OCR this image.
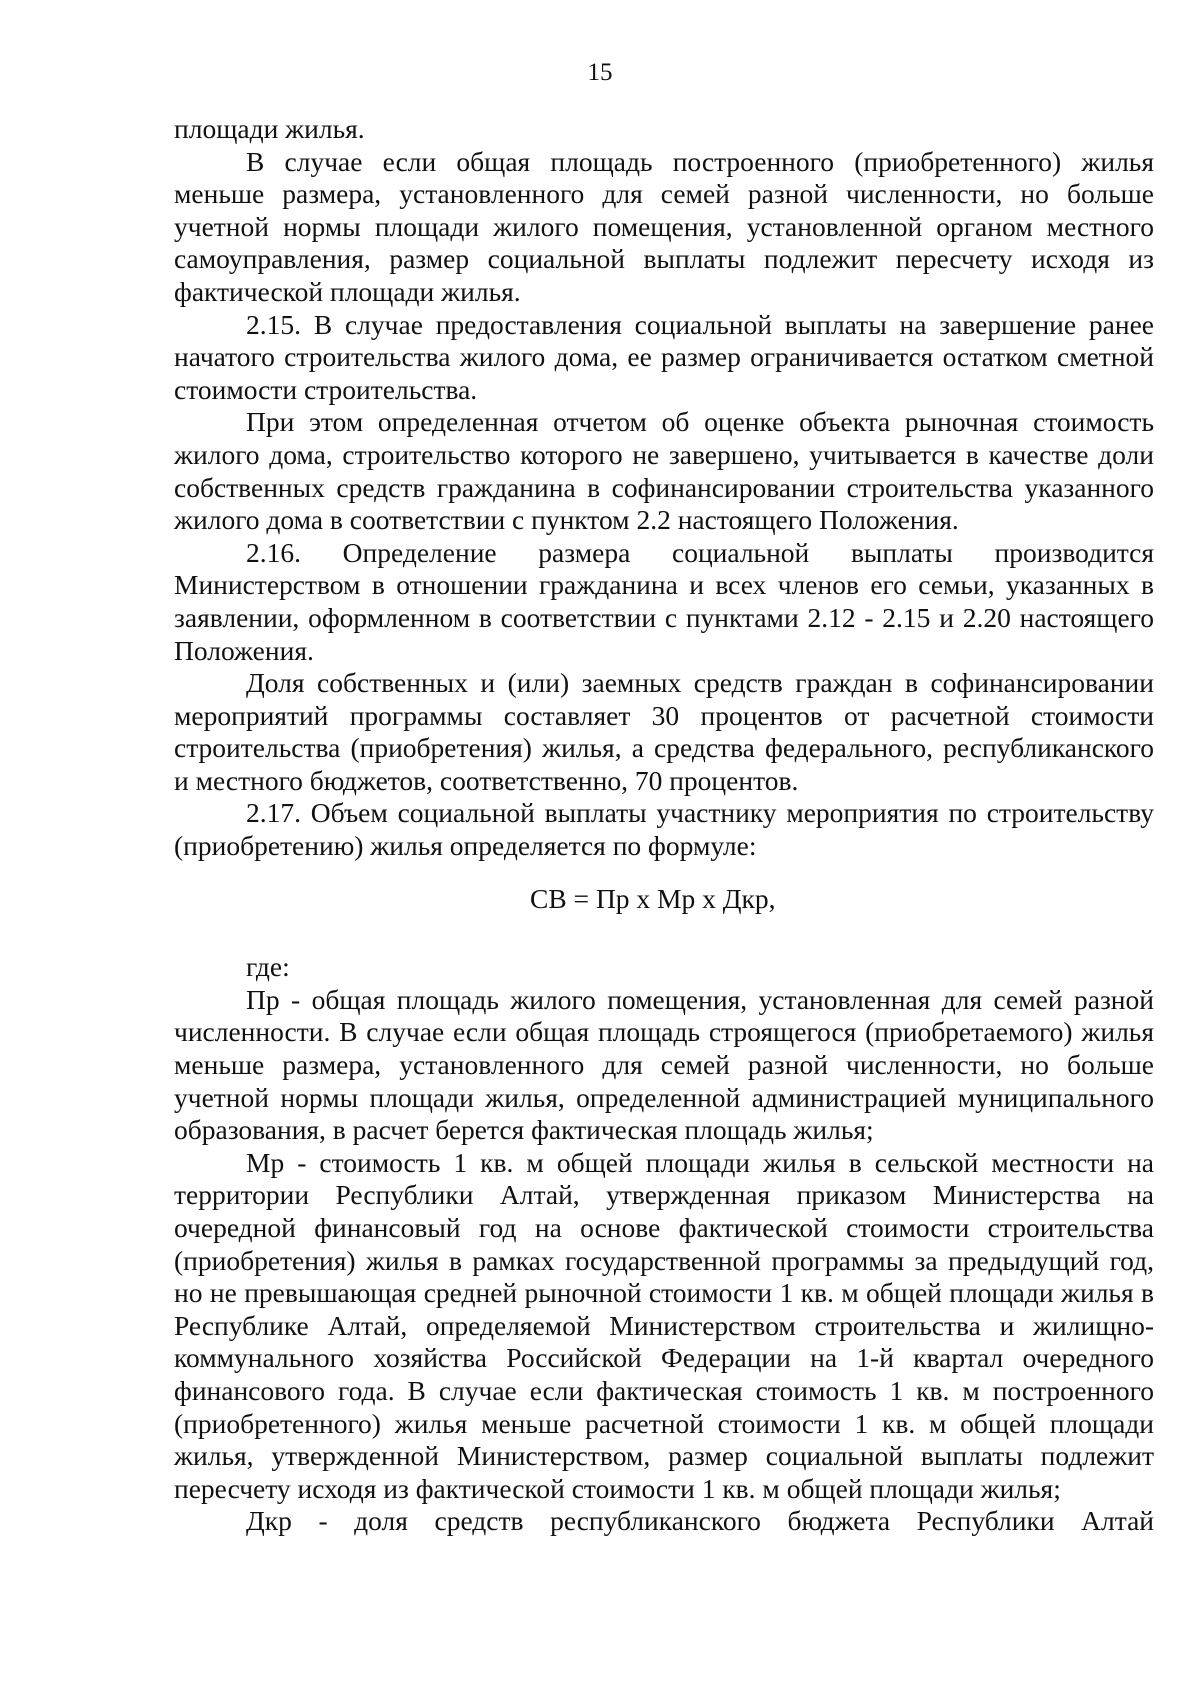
15

площади жилья.

В случае если общая площадь построенного (приобретенного) жилья меньше размера, установленного для семей разной численности, но больше учетной нормы площади жилого помещения, установленной органом местного самоуправления, размер социальной выплаты подлежит пересчету исходя из фактической площади жилья.

2.15. В случае предоставления социальной выплаты на завершение ранее начатого строительства жилого дома, ее размер ограничивается остатком сметной стоимости строительства.

При этом определенная отчетом об оценке объекта рыночная стоимость жилого дома, строительство которого не завершено, учитывается в качестве доли собственных средств гражданина в софинансировании строительства указанного жилого дома в соответствии с пунктом 2.2 настоящего Положения.

2.16. Определение размера социальной выплаты производится Министерством в отношении гражданина и всех членов его семьи, указанных в заявлении, оформленном в соответствии с пунктами 2.12 - 2.15 и 2.20 настоящего Положения.

Доля собственных и (или) заемных средств граждан в софинансировании мероприятий программы составляет 30 процентов от расчетной стоимости строительства (приобретения) жилья, а средства федерального, республиканского и местного бюджетов, соответственно, 70 процентов.

2.17. Объем социальной выплаты участнику мероприятия по строительству (приобретению) жилья определяется по формуле:

СВ = Пр x Мр x Дкр,

где:

Пр - общая площадь жилого помещения, установленная для семей разной численности. В случае если общая площадь строящегося (приобретаемого) жилья меньше размера, установленного для семей разной численности, но больше учетной нормы площади жилья, определенной администрацией муниципального образования, в расчет берется фактическая площадь жилья;

Мр - стоимость 1 кв. м общей площади жилья в сельской местности на территории Республики Алтай, утвержденная приказом Министерства на очередной финансовый год на основе фактической стоимости строительства (приобретения) жилья в рамках государственной программы за предыдущий год, но не превышающая средней рыночной стоимости 1 кв. м общей площади жилья в Республике Алтай, определяемой Министерством строительства и жилищно-коммунального хозяйства Российской Федерации на 1-й квартал очередного финансового года. В случае если фактическая стоимость 1 кв. м построенного (приобретенного) жилья меньше расчетной стоимости 1 кв. м общей площади жилья, утвержденной Министерством, размер социальной выплаты подлежит пересчету исходя из фактической стоимости 1 кв. м общей площади жилья;

Дкр - доля средств республиканского бюджета Республики Алтай
